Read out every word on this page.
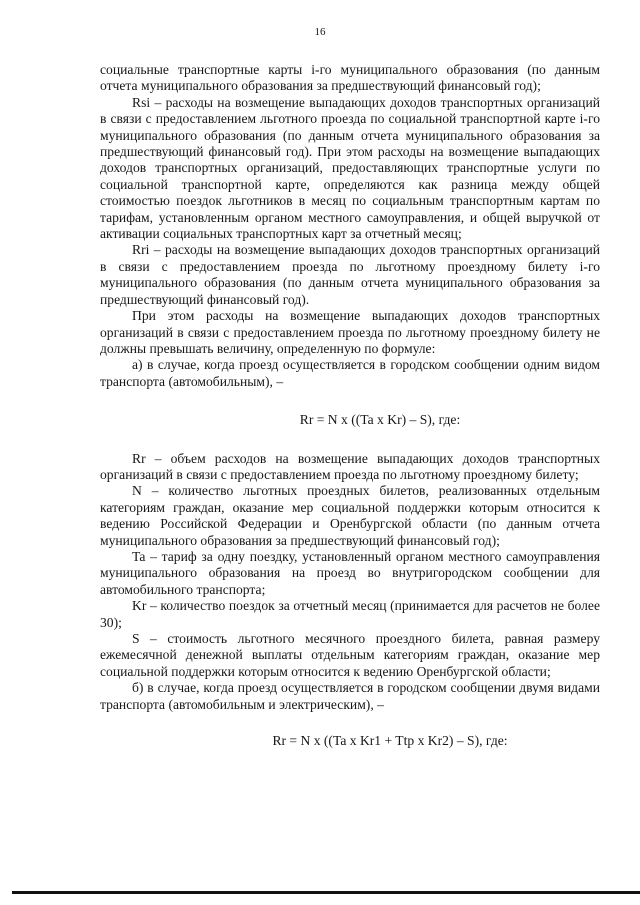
16

социальные транспортные карты i-го муниципального образования (по данным отчета муниципального образования за предшествующий финансовый год);

Rsi – расходы на возмещение выпадающих доходов транспортных организаций в связи с предоставлением льготного проезда по социальной транспортной карте i-го муниципального образования (по данным отчета муниципального образования за предшествующий финансовый год). При этом расходы на возмещение выпадающих доходов транспортных организаций, предоставляющих транспортные услуги по социальной транспортной карте, определяются как разница между общей стоимостью поездок льготников в месяц по социальным транспортным картам по тарифам, установленным органом местного самоуправления, и общей выручкой от активации социальных транспортных карт за отчетный месяц;

Rri – расходы на возмещение выпадающих доходов транспортных организаций в связи с предоставлением проезда по льготному проездному билету i-го муниципального образования (по данным отчета муниципального образования за предшествующий финансовый год).

При этом расходы на возмещение выпадающих доходов транспортных организаций в связи с предоставлением проезда по льготному проездному билету не должны превышать величину, определенную по формуле:

а) в случае, когда проезд осуществляется в городском сообщении одним видом транспорта (автомобильным), –

Rr = N x ((Ta x Kr) – S), где:

Rr – объем расходов на возмещение выпадающих доходов транспортных организаций в связи с предоставлением проезда по льготному проездному билету;

N – количество льготных проездных билетов, реализованных отдельным категориям граждан, оказание мер социальной поддержки которым относится к ведению Российской Федерации и Оренбургской области (по данным отчета муниципального образования за предшествующий финансовый год);

Ta – тариф за одну поездку, установленный органом местного самоуправления муниципального образования на проезд во внутригородском сообщении для автомобильного транспорта;

Kr – количество поездок за отчетный месяц (принимается для расчетов не более 30);

S – стоимость льготного месячного проездного билета, равная размеру ежемесячной денежной выплаты отдельным категориям граждан, оказание мер социальной поддержки которым относится к ведению Оренбургской области;

б) в случае, когда проезд осуществляется в городском сообщении двумя видами транспорта (автомобильным и электрическим), –

Rr = N x ((Ta x Kr1 + Ttp x Kr2) – S), где:
